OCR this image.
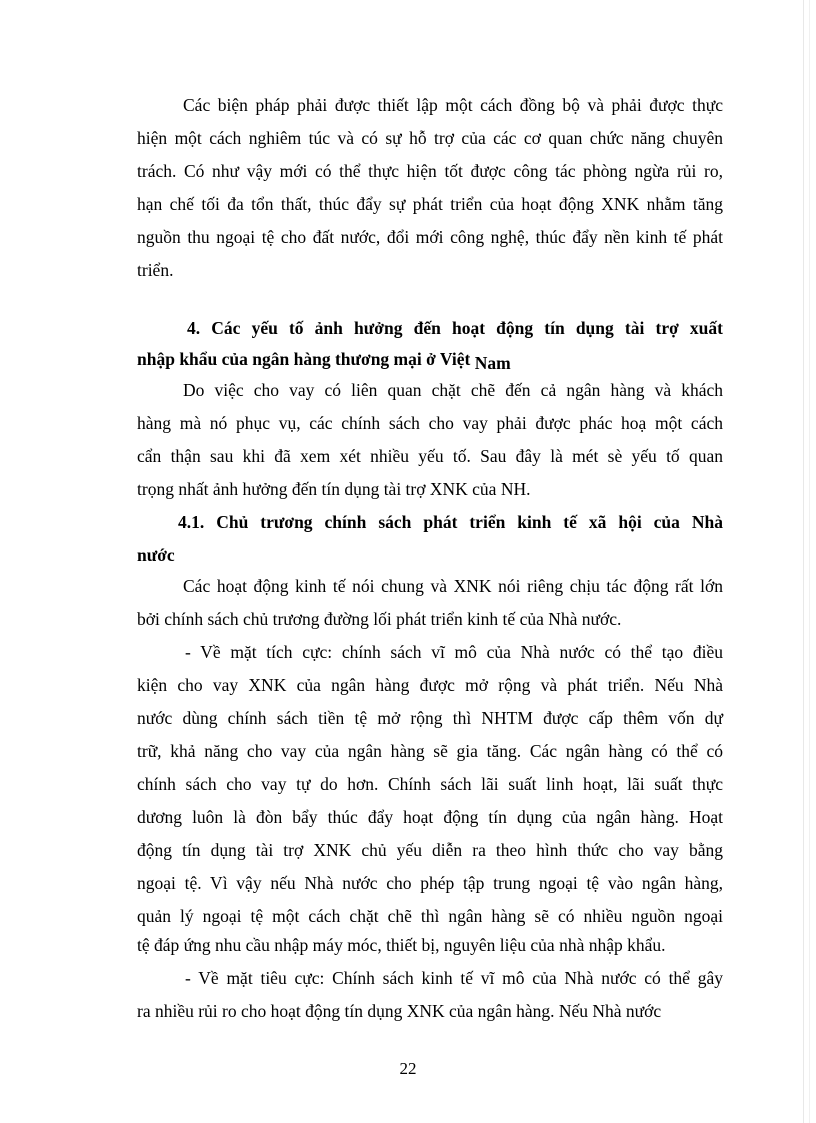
Các biện pháp phải được thiết lập một cách đồng bộ và phải được thực
hiện một cách nghiêm túc và có sự hỗ trợ của các cơ quan chức năng chuyên
trách. Có như vậy mới có thể thực hiện tốt được công tác phòng ngừa rủi ro,
hạn chế tối đa tổn thất, thúc đẩy sự phát triển của hoạt động XNK nhằm tăng
nguồn thu ngoại tệ cho đất nước, đổi mới công nghệ, thúc đẩy nền kinh tế phát
triển.
4. Các yếu tố ảnh hưởng đến hoạt động tín dụng tài trợ xuất
nhập khẩu của ngân hàng thương mại ở Việt Nam
Do việc cho vay có liên quan chặt chẽ đến cả ngân hàng và khách
hàng mà nó phục vụ, các chính sách cho vay phải được phác hoạ một cách
cẩn thận sau khi đã xem xét nhiều yếu tố. Sau đây là mét sè yếu tố quan
trọng nhất ảnh hưởng đến tín dụng tài trợ XNK của NH.
4.1. Chủ trương chính sách phát triển kinh tế xã hội của Nhà
nước
Các hoạt động kinh tế nói chung và XNK nói riêng chịu tác động rất lớn
bởi chính sách chủ trương đường lối phát triển kinh tế của Nhà nước.
- Về mặt tích cực: chính sách vĩ mô của Nhà nước có thể tạo điều
kiện cho vay XNK của ngân hàng được mở rộng và phát triển. Nếu Nhà
nước dùng chính sách tiền tệ mở rộng thì NHTM được cấp thêm vốn dự
trữ, khả năng cho vay của ngân hàng sẽ gia tăng. Các ngân hàng có thể có
chính sách cho vay tự do hơn. Chính sách lãi suất linh hoạt, lãi suất thực
dương luôn là đòn bẩy thúc đẩy hoạt động tín dụng của ngân hàng. Hoạt
động tín dụng tài trợ XNK chủ yếu diễn ra theo hình thức cho vay bằng
ngoại tệ. Vì vậy nếu Nhà nước cho phép tập trung ngoại tệ vào ngân hàng,
quản lý ngoại tệ một cách chặt chẽ thì ngân hàng sẽ có nhiều nguồn ngoại
tệ đáp ứng nhu cầu nhập máy móc, thiết bị, nguyên liệu của nhà nhập khẩu.
- Về mặt tiêu cực: Chính sách kinh tế vĩ mô của Nhà nước có thể gây
ra nhiều rủi ro cho hoạt động tín dụng XNK của ngân hàng. Nếu Nhà nước
22
